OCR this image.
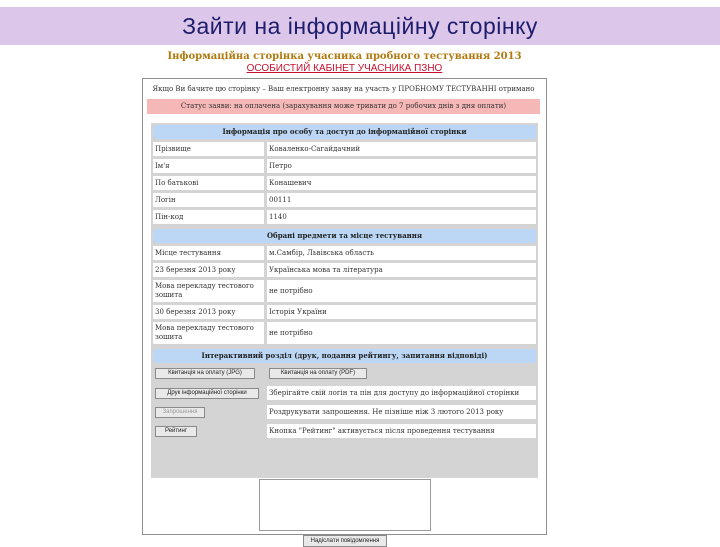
Зайти на інформаційну сторінку
Інформаційна сторінка учасника пробного тестування 2013
ОСОБИСТИЙ КАБІНЕТ УЧАСНИКА ПЗНО
Якщо Ви бачите цю сторінку – Ваш електронну заяву на участь у ПРОБНОМУ ТЕСТУВАННІ отримано
Статус заяви: на оплачена (зарахування може тривати до 7 робочих днів з дня оплати)
Інформація про особу та доступ до інформаційної сторінки
Прізвище	Коваленко-Сагайдачний
Ім'я	Петро
По батькові	Конашевич
Логін	00111
Пін-код	1140
Обрані предмети та місце тестування
Місце тестування	м.Самбір, Львівська область
23 березня 2013 року	Українська мова та література
Мова перекладу тестового зошита	не потрібно
30 березня 2013 року	Історія України
Мова перекладу тестового зошита	не потрібно
Інтерактивний розділ (друк, подання рейтингу, запитання відповіді)
Квитанція на оплату (JPG)	Квитанція на оплату (PDF)
Друк інформаційної сторінки	Зберігайте свій логін та пін для доступу до інформаційної сторінки
Запрошення	Роздрукувати запрошення. Не пізніше ніж 3 лютого 2013 року
Рейтинг	Кнопка "Рейтинг" активується після проведення тестування
Надіслати повідомлення
